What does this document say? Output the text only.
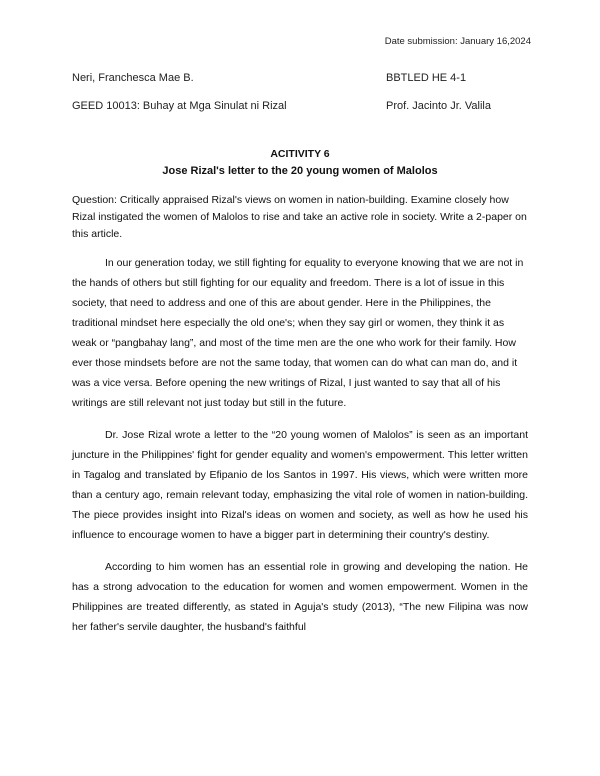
Date submission: January 16,2024
Neri, Franchesca Mae B.	BBTLED HE 4-1
GEED 10013: Buhay at Mga Sinulat ni Rizal	Prof. Jacinto Jr. Valila
ACITIVITY 6
Jose Rizal's letter to the 20 young women of Malolos

Question: Critically appraised Rizal's views on women in nation-building. Examine closely how Rizal instigated the women of Malolos to rise and take an active role in society. Write a 2-paper on this article.

In our generation today, we still fighting for equality to everyone knowing that we are not in the hands of others but still fighting for our equality and freedom. There is a lot of issue in this society, that need to address and one of this are about gender. Here in the Philippines, the traditional mindset here especially the old one's; when they say girl or women, they think it as weak or “pangbahay lang”, and most of the time men are the one who work for their family. How ever those mindsets before are not the same today, that women can do what can man do, and it was a vice versa. Before opening the new writings of Rizal, I just wanted to say that all of his writings are still relevant not just today but still in the future.

Dr. Jose Rizal wrote a letter to the “20 young women of Malolos” is seen as an important juncture in the Philippines' fight for gender equality and women's empowerment. This letter written in Tagalog and translated by Efipanio de los Santos in 1997. His views, which were written more than a century ago, remain relevant today, emphasizing the vital role of women in nation-building. The piece provides insight into Rizal's ideas on women and society, as well as how he used his influence to encourage women to have a bigger part in determining their country's destiny.

According to him women has an essential role in growing and developing the nation. He has a strong advocation to the education for women and women empowerment. Women in the Philippines are treated differently, as stated in Aguja's study (2013), “The new Filipina was now her father's servile daughter, the husband's faithful
